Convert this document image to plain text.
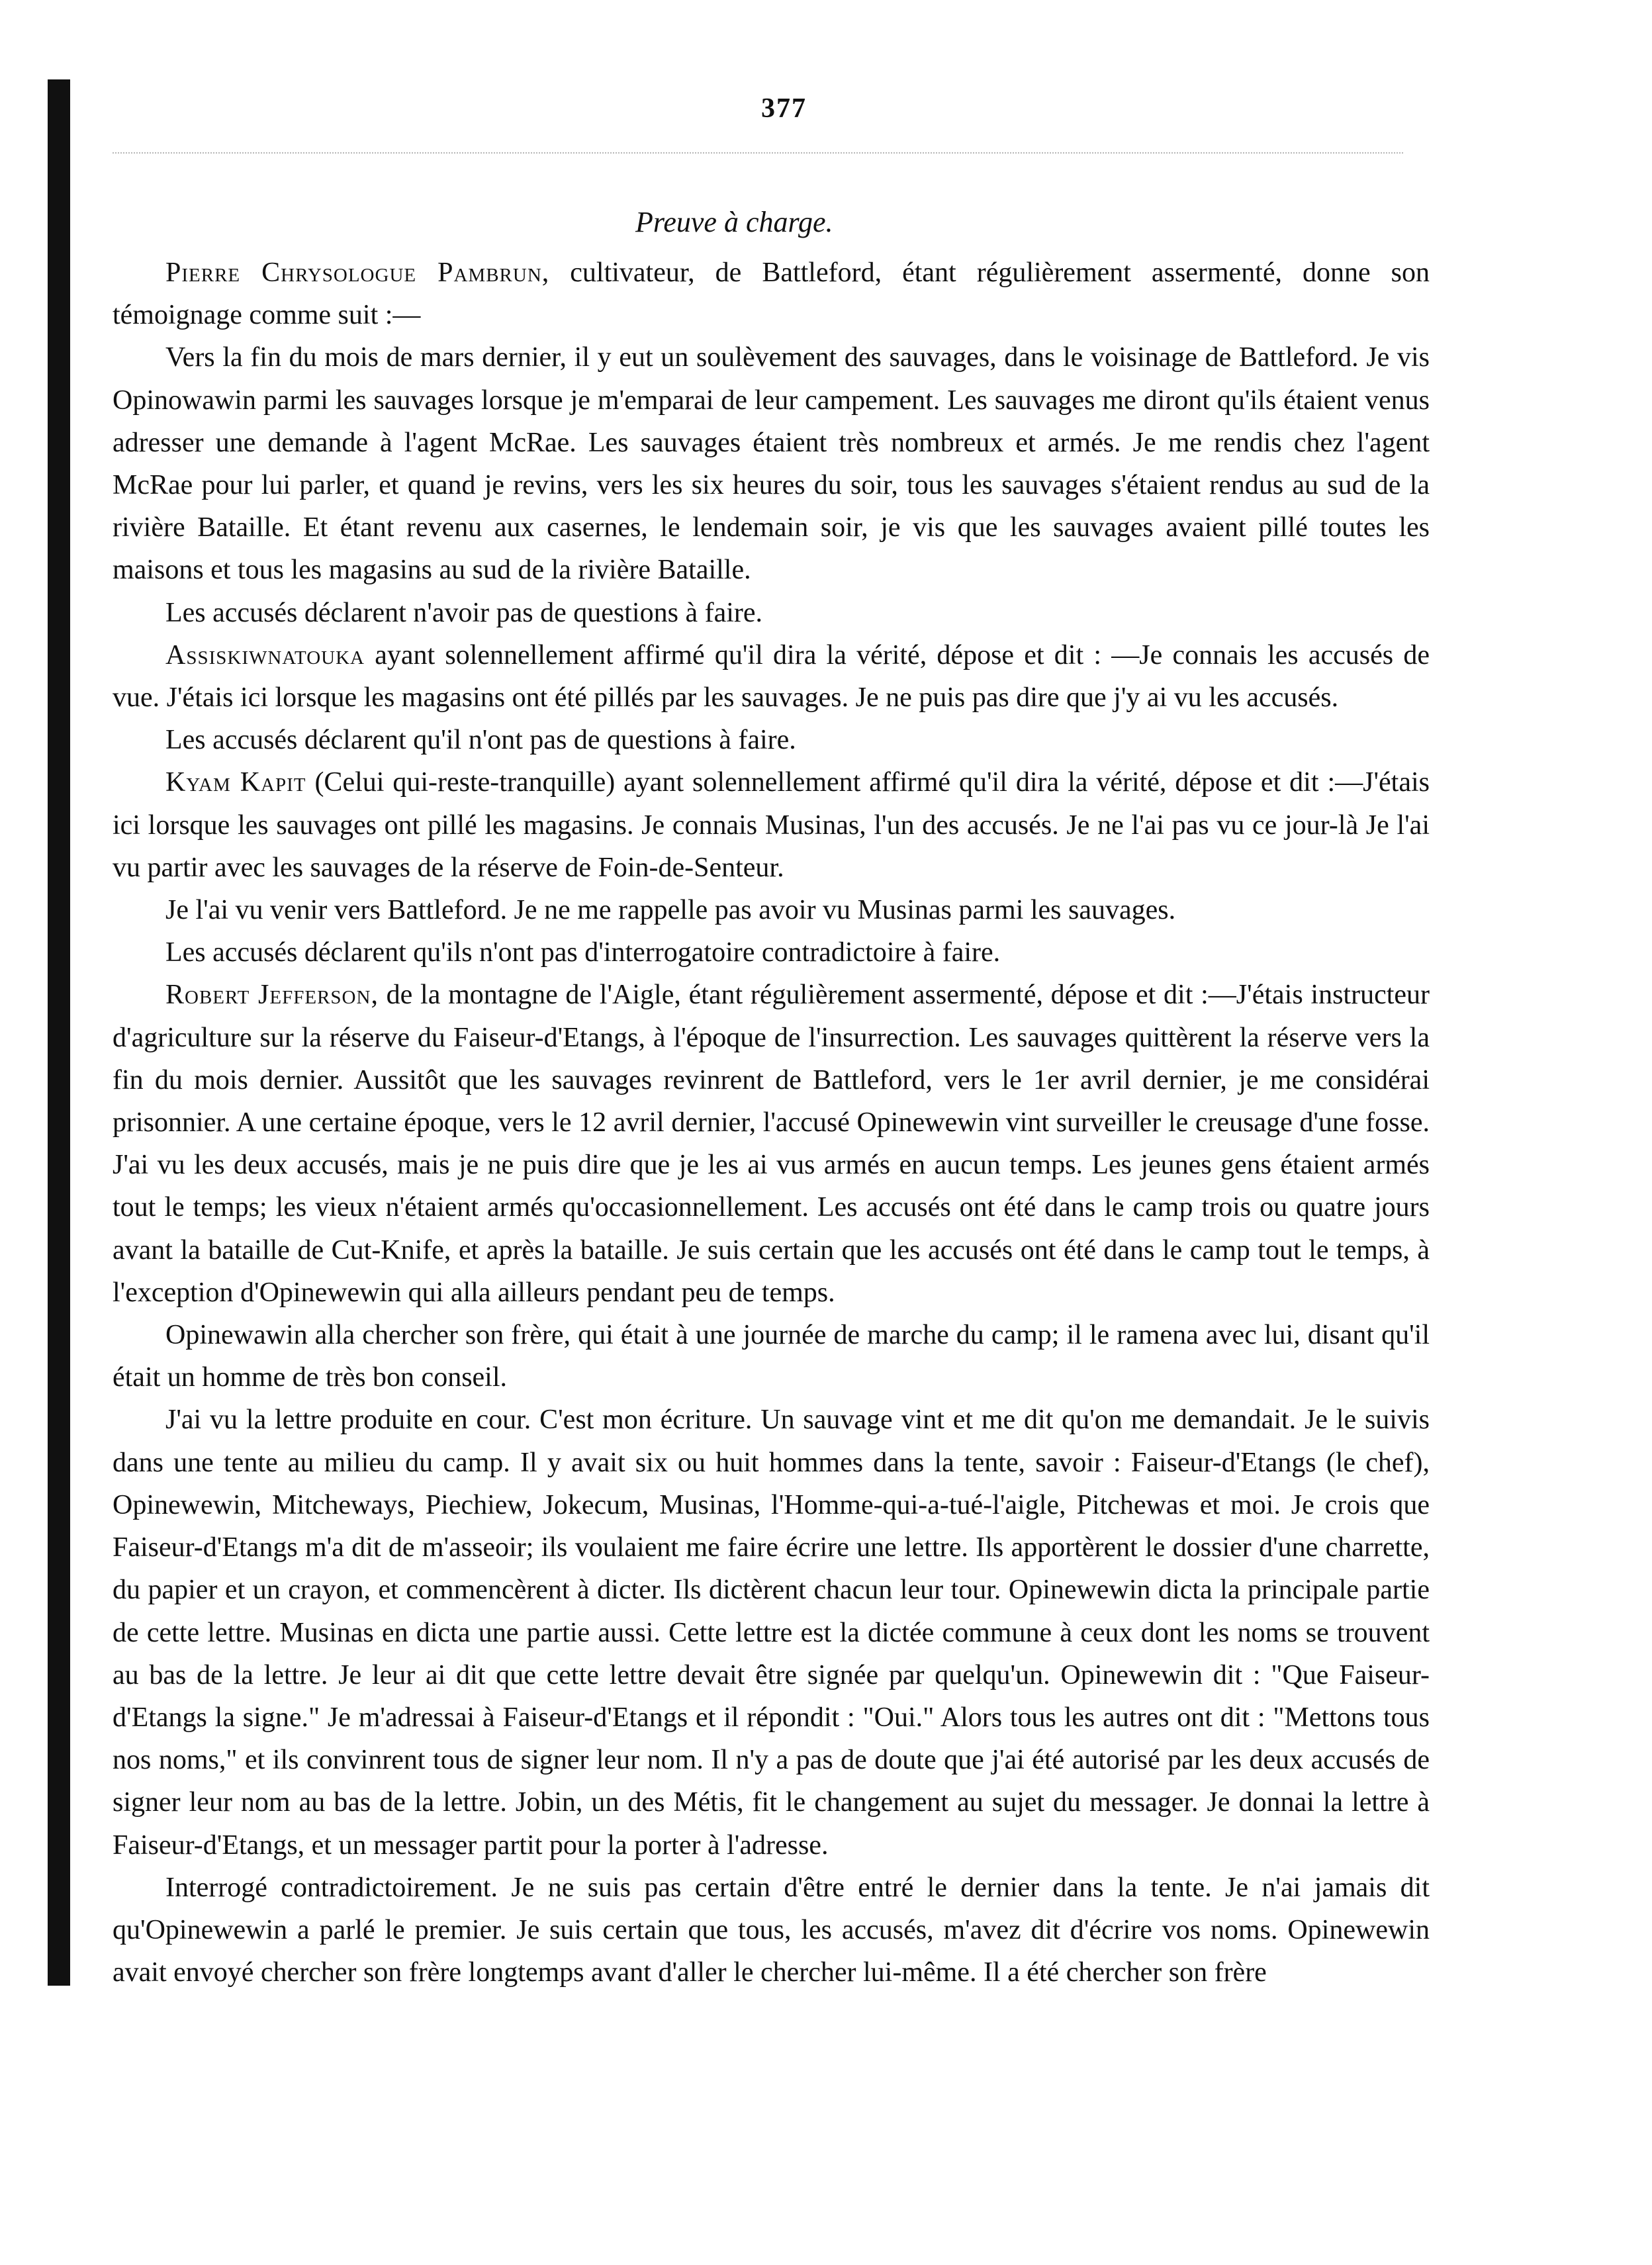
377
Preuve à charge.

Pierre Chrysologue Pambrun, cultivateur, de Battleford, étant régulièrement assermenté, donne son témoignage comme suit :—

Vers la fin du mois de mars dernier, il y eut un soulèvement des sauvages, dans le voisinage de Battleford. Je vis Opinowawin parmi les sauvages lorsque je m'emparai de leur campement. Les sauvages me diront qu'ils étaient venus adresser une demande à l'agent McRae. Les sauvages étaient très nombreux et armés. Je me rendis chez l'agent McRae pour lui parler, et quand je revins, vers les six heures du soir, tous les sauvages s'étaient rendus au sud de la rivière Bataille. Et étant revenu aux casernes, le lendemain soir, je vis que les sauvages avaient pillé toutes les maisons et tous les magasins au sud de la rivière Bataille.

Les accusés déclarent n'avoir pas de questions à faire.

Assiskiwnatouka ayant solennellement affirmé qu'il dira la vérité, dépose et dit : —Je connais les accusés de vue. J'étais ici lorsque les magasins ont été pillés par les sauvages. Je ne puis pas dire que j'y ai vu les accusés.

Les accusés déclarent qu'il n'ont pas de questions à faire.

Kyam Kapit (Celui qui-reste-tranquille) ayant solennellement affirmé qu'il dira la vérité, dépose et dit :—J'étais ici lorsque les sauvages ont pillé les magasins. Je connais Musinas, l'un des accusés. Je ne l'ai pas vu ce jour-là Je l'ai vu partir avec les sauvages de la réserve de Foin-de-Senteur.

Je l'ai vu venir vers Battleford. Je ne me rappelle pas avoir vu Musinas parmi les sauvages.

Les accusés déclarent qu'ils n'ont pas d'interrogatoire contradictoire à faire.

Robert Jefferson, de la montagne de l'Aigle, étant régulièrement assermenté, dépose et dit :—J'étais instructeur d'agriculture sur la réserve du Faiseur-d'Etangs, à l'époque de l'insurrection. Les sauvages quittèrent la réserve vers la fin du mois dernier. Aussitôt que les sauvages revinrent de Battleford, vers le 1er avril dernier, je me considérai prisonnier. A une certaine époque, vers le 12 avril dernier, l'accusé Opinewewin vint surveiller le creusage d'une fosse. J'ai vu les deux accusés, mais je ne puis dire que je les ai vus armés en aucun temps. Les jeunes gens étaient armés tout le temps; les vieux n'étaient armés qu'occasionnellement. Les accusés ont été dans le camp trois ou quatre jours avant la bataille de Cut-Knife, et après la bataille. Je suis certain que les accusés ont été dans le camp tout le temps, à l'exception d'Opinewewin qui alla ailleurs pendant peu de temps.

Opinewawin alla chercher son frère, qui était à une journée de marche du camp; il le ramena avec lui, disant qu'il était un homme de très bon conseil.

J'ai vu la lettre produite en cour. C'est mon écriture. Un sauvage vint et me dit qu'on me demandait. Je le suivis dans une tente au milieu du camp. Il y avait six ou huit hommes dans la tente, savoir : Faiseur-d'Etangs (le chef), Opinewewin, Mitcheways, Piechiew, Jokecum, Musinas, l'Homme-qui-a-tué-l'aigle, Pitchewas et moi. Je crois que Faiseur-d'Etangs m'a dit de m'asseoir; ils voulaient me faire écrire une lettre. Ils apportèrent le dossier d'une charrette, du papier et un crayon, et commencèrent à dicter. Ils dictèrent chacun leur tour. Opinewewin dicta la principale partie de cette lettre. Musinas en dicta une partie aussi. Cette lettre est la dictée commune à ceux dont les noms se trouvent au bas de la lettre. Je leur ai dit que cette lettre devait être signée par quelqu'un. Opinewewin dit : "Que Faiseur-d'Etangs la signe." Je m'adressai à Faiseur-d'Etangs et il répondit : "Oui." Alors tous les autres ont dit : "Mettons tous nos noms," et ils convinrent tous de signer leur nom. Il n'y a pas de doute que j'ai été autorisé par les deux accusés de signer leur nom au bas de la lettre. Jobin, un des Métis, fit le changement au sujet du messager. Je donnai la lettre à Faiseur-d'Etangs, et un messager partit pour la porter à l'adresse.

Interrogé contradictoirement. Je ne suis pas certain d'être entré le dernier dans la tente. Je n'ai jamais dit qu'Opinewewin a parlé le premier. Je suis certain que tous, les accusés, m'avez dit d'écrire vos noms. Opinewewin avait envoyé chercher son frère longtemps avant d'aller le chercher lui-même. Il a été chercher son frère
